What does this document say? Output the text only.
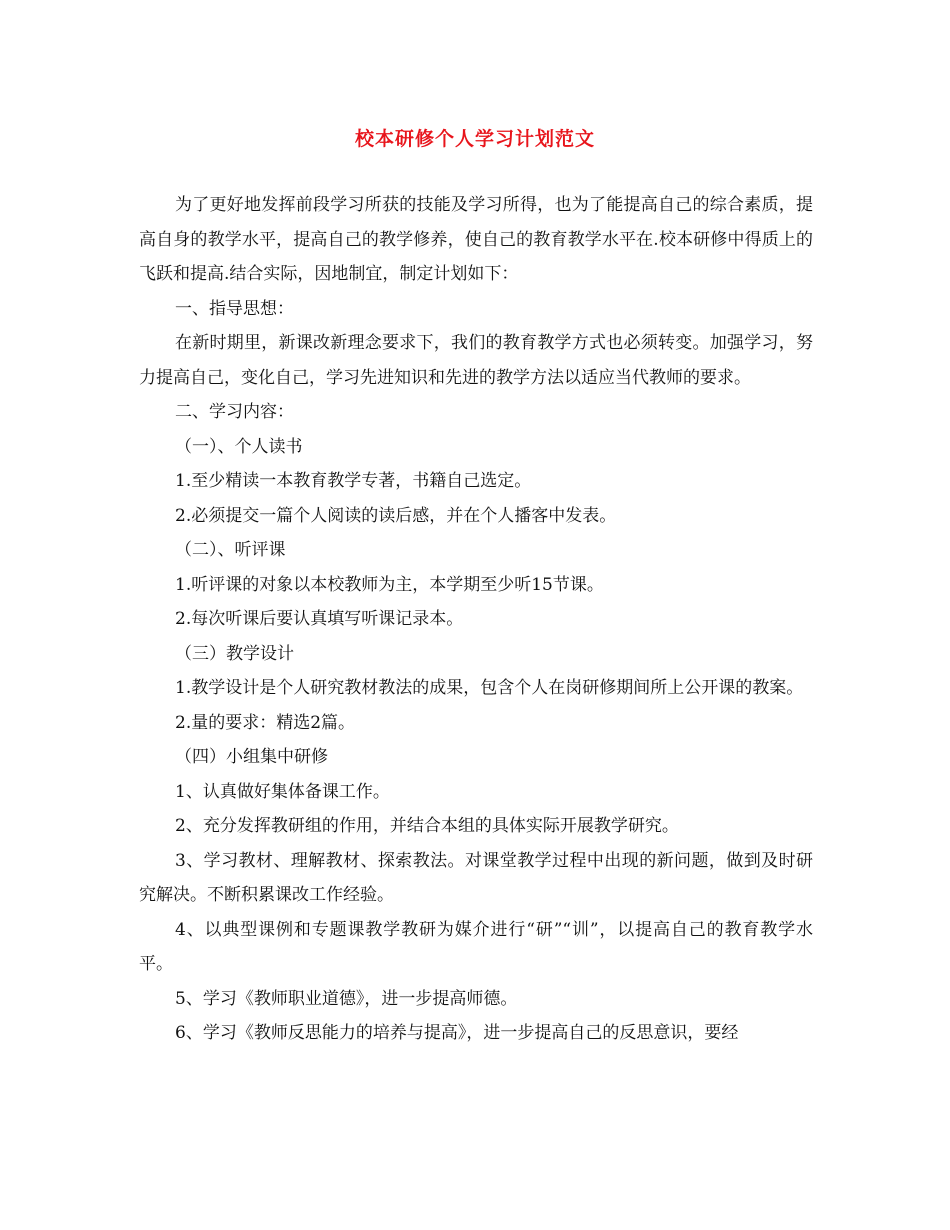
校本研修个人学习计划范文

为了更好地发挥前段学习所获的技能及学习所得，也为了能提高自己的综合素质，提高自身的教学水平，提高自己的教学修养，使自己的教育教学水平在.校本研修中得质上的飞跃和提高.结合实际，因地制宜，制定计划如下：

一、指导思想：

在新时期里，新课改新理念要求下，我们的教育教学方式也必须转变。加强学习，努力提高自己，变化自己，学习先进知识和先进的教学方法以适应当代教师的要求。

二、学习内容：

（一）、个人读书

1.至少精读一本教育教学专著，书籍自己选定。

2.必须提交一篇个人阅读的读后感，并在个人播客中发表。

（二）、听评课

1.听评课的对象以本校教师为主，本学期至少听15节课。

2.每次听课后要认真填写听课记录本。

（三）教学设计

1.教学设计是个人研究教材教法的成果，包含个人在岗研修期间所上公开课的教案。

2.量的要求：精选2篇。

（四）小组集中研修

1、认真做好集体备课工作。

2、充分发挥教研组的作用，并结合本组的具体实际开展教学研究。

3、学习教材、理解教材、探索教法。对课堂教学过程中出现的新问题，做到及时研究解决。不断积累课改工作经验。

4、以典型课例和专题课教学教研为媒介进行“研”“训”，以提高自己的教育教学水平。

5、学习《教师职业道德》，进一步提高师德。

6、学习《教师反思能力的培养与提高》，进一步提高自己的反思意识，要经
